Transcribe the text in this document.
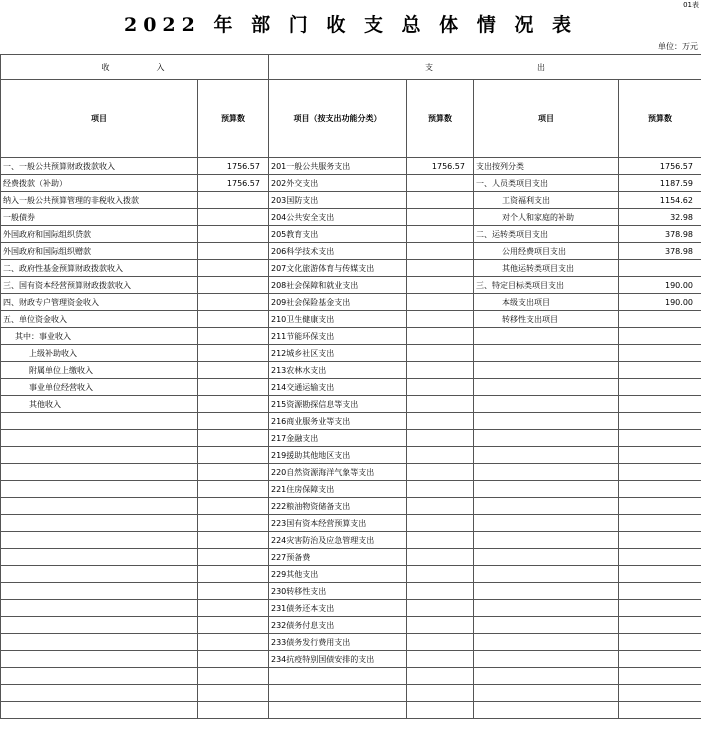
01表
2022 年 部 门 收 支 总 体 情 况 表
单位：万元
收　　　　入		支　　　　　　　　　　　　　出			
项目	预算数	项目（按支出功能分类）	预算数	项目	预算数
一、一般公共预算财政拨款收入	1756.57	201一般公共服务支出	1756.57	支出按列分类	1756.57
经费拨款（补助）	1756.57	202外交支出		一、人员类项目支出	1187.59
纳入一般公共预算管理的非税收入拨款		203国防支出		工资福利支出	1154.62
一般债券		204公共安全支出		对个人和家庭的补助	32.98
外国政府和国际组织贷款		205教育支出		二、运转类项目支出	378.98
外国政府和国际组织赠款		206科学技术支出		公用经费项目支出	378.98
二、政府性基金预算财政拨款收入		207文化旅游体育与传媒支出		其他运转类项目支出	
三、国有资本经营预算财政拨款收入		208社会保障和就业支出		三、特定目标类项目支出	190.00
四、财政专户管理资金收入		209社会保险基金支出		本级支出项目	190.00
五、单位资金收入		210卫生健康支出		转移性支出项目	
其中：事业收入		211节能环保支出			
上级补助收入		212城乡社区支出			
附属单位上缴收入		213农林水支出			
事业单位经营收入		214交通运输支出			
其他收入		215资源勘探信息等支出			
		216商业服务业等支出			
		217金融支出			
		219援助其他地区支出			
		220自然资源海洋气象等支出			
		221住房保障支出			
		222粮油物资储备支出			
		223国有资本经营预算支出			
		224灾害防治及应急管理支出			
		227预备费			
		229其他支出			
		230转移性支出			
		231债务还本支出			
		232债务付息支出			
		233债务发行费用支出			
		234抗疫特别国债安排的支出			
